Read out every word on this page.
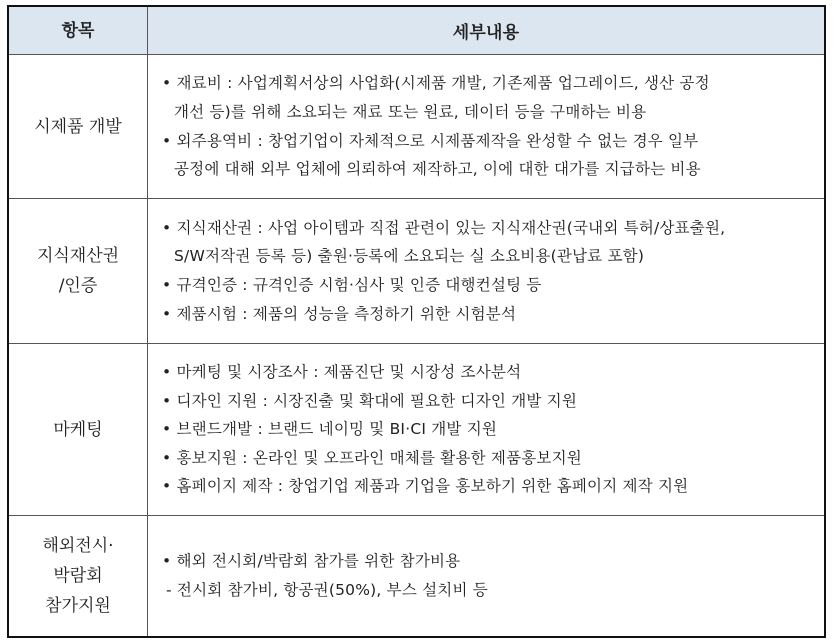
항목	세부내용
시제품 개발
• 재료비 : 사업계획서상의 사업화(시제품 개발, 기존제품 업그레이드, 생산 공정
개선 등)를 위해 소요되는 재료 또는 원료, 데이터 등을 구매하는 비용
• 외주용역비 : 창업기업이 자체적으로 시제품제작을 완성할 수 없는 경우 일부
공정에 대해 외부 업체에 의뢰하여 제작하고, 이에 대한 대가를 지급하는 비용
지식재산권
/인증
• 지식재산권 : 사업 아이템과 직접 관련이 있는 지식재산권(국내외 특허/상표출원,
S/W저작권 등록 등) 출원·등록에 소요되는 실 소요비용(관납료 포함)
• 규격인증 : 규격인증 시험·심사 및 인증 대행컨설팅 등
• 제품시험 : 제품의 성능을 측정하기 위한 시험분석
마케팅
• 마케팅 및 시장조사 : 제품진단 및 시장성 조사분석
• 디자인 지원 : 시장진출 및 확대에 필요한 디자인 개발 지원
• 브랜드개발 : 브랜드 네이밍 및 BI·CI 개발 지원
• 홍보지원 : 온라인 및 오프라인 매체를 활용한 제품홍보지원
• 홈페이지 제작 : 창업기업 제품과 기업을 홍보하기 위한 홈페이지 제작 지원
해외전시·
박람회
참가지원
• 해외 전시회/박람회 참가를 위한 참가비용
- 전시회 참가비, 항공권(50%), 부스 설치비 등
